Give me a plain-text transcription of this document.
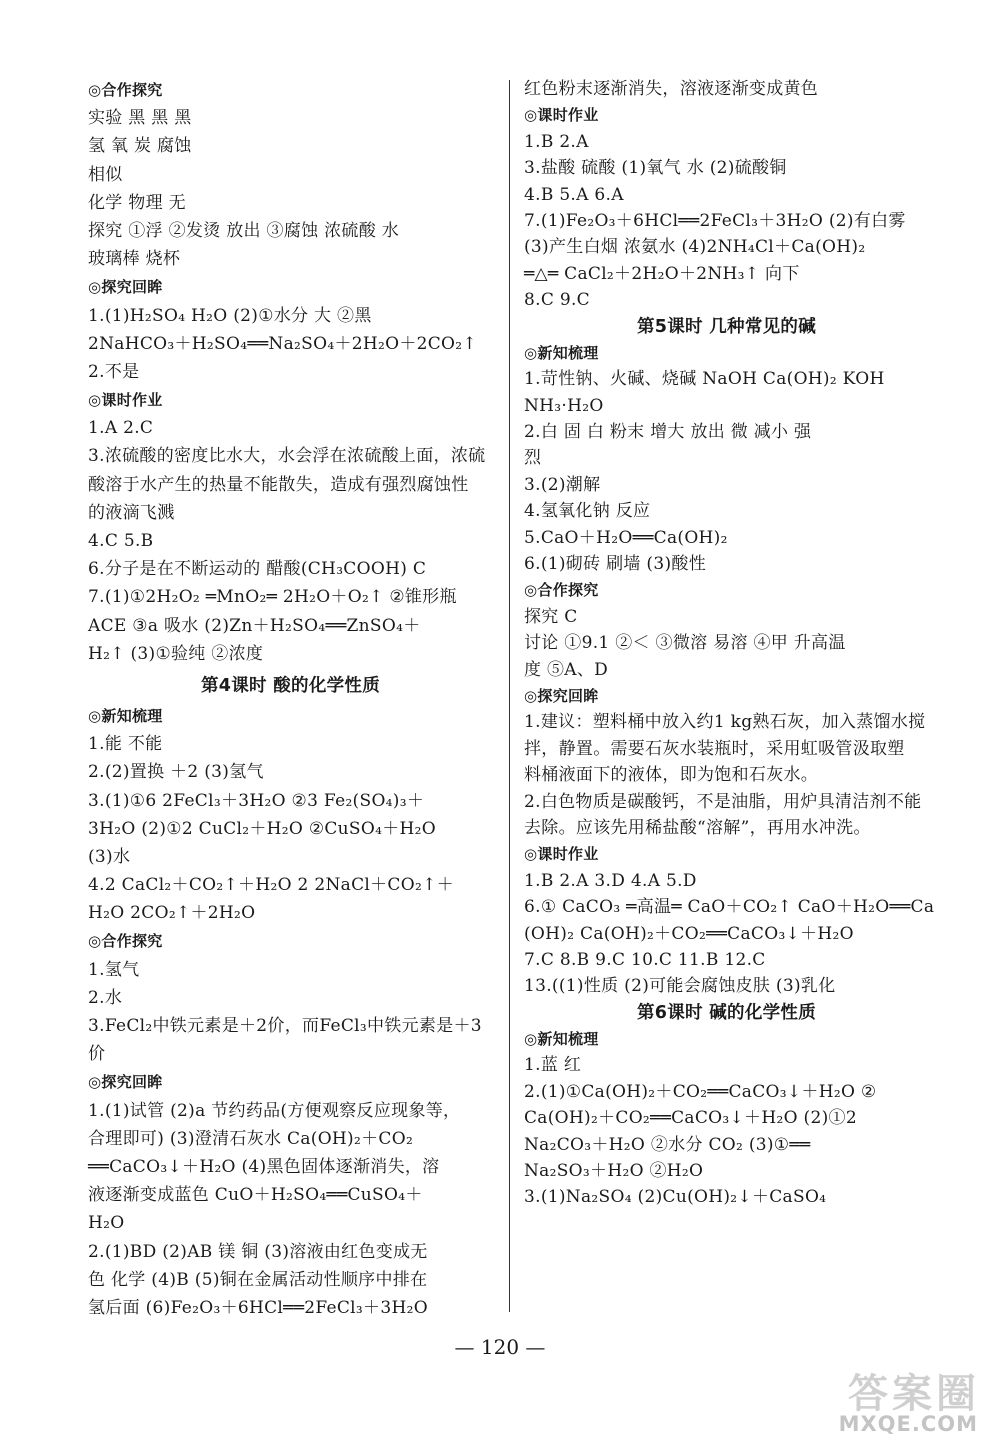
◎合作探究
实验 黑 黑 黑
氢 氧 炭 腐蚀
相似
化学 物理 无
探究 ①浮 ②发烫 放出 ③腐蚀 浓硫酸 水
玻璃棒 烧杯
◎探究回眸
1.(1)H₂SO₄ H₂O (2)①水分 大 ②黑
2NaHCO₃＋H₂SO₄══Na₂SO₄＋2H₂O＋2CO₂↑
2.不是
◎课时作业
1.A 2.C
3.浓硫酸的密度比水大，水会浮在浓硫酸上面，浓硫
酸溶于水产生的热量不能散失，造成有强烈腐蚀性
的液滴飞溅
4.C 5.B
6.分子是在不断运动的 醋酸(CH₃COOH) C
7.(1)①2H₂O₂ ═MnO₂═ 2H₂O＋O₂↑ ②锥形瓶
ACE ③a 吸水 (2)Zn＋H₂SO₄══ZnSO₄＋
H₂↑ (3)①验纯 ②浓度
第4课时 酸的化学性质
◎新知梳理
1.能 不能
2.(2)置换 ＋2 (3)氢气
3.(1)①6 2FeCl₃＋3H₂O ②3 Fe₂(SO₄)₃＋
3H₂O (2)①2 CuCl₂＋H₂O ②CuSO₄＋H₂O
(3)水
4.2 CaCl₂＋CO₂↑＋H₂O 2 2NaCl＋CO₂↑＋
H₂O 2CO₂↑＋2H₂O
◎合作探究
1.氢气
2.水
3.FeCl₂中铁元素是＋2价，而FeCl₃中铁元素是＋3
价
◎探究回眸
1.(1)试管 (2)a 节约药品(方便观察反应现象等，
合理即可) (3)澄清石灰水 Ca(OH)₂＋CO₂
══CaCO₃↓＋H₂O (4)黑色固体逐渐消失，溶
液逐渐变成蓝色 CuO＋H₂SO₄══CuSO₄＋
H₂O
2.(1)BD (2)AB 镁 铜 (3)溶液由红色变成无
色 化学 (4)B (5)铜在金属活动性顺序中排在
氢后面 (6)Fe₂O₃＋6HCl══2FeCl₃＋3H₂O
红色粉末逐渐消失，溶液逐渐变成黄色
◎课时作业
1.B 2.A
3.盐酸 硫酸 (1)氧气 水 (2)硫酸铜
4.B 5.A 6.A
7.(1)Fe₂O₃＋6HCl══2FeCl₃＋3H₂O (2)有白雾
(3)产生白烟 浓氨水 (4)2NH₄Cl＋Ca(OH)₂
═△═ CaCl₂＋2H₂O＋2NH₃↑ 向下
8.C 9.C
第5课时 几种常见的碱
◎新知梳理
1.苛性钠、火碱、烧碱 NaOH Ca(OH)₂ KOH
NH₃·H₂O
2.白 固 白 粉末 增大 放出 微 减小 强
烈
3.(2)潮解
4.氢氧化钠 反应
5.CaO＋H₂O══Ca(OH)₂
6.(1)砌砖 刷墙 (3)酸性
◎合作探究
探究 C
讨论 ①9.1 ②＜ ③微溶 易溶 ④甲 升高温
度 ⑤A、D
◎探究回眸
1.建议：塑料桶中放入约1 kg熟石灰，加入蒸馏水搅
拌，静置。需要石灰水装瓶时，采用虹吸管汲取塑
料桶液面下的液体，即为饱和石灰水。
2.白色物质是碳酸钙，不是油脂，用炉具清洁剂不能
去除。应该先用稀盐酸“溶解”，再用水冲洗。
◎课时作业
1.B 2.A 3.D 4.A 5.D
6.① CaCO₃ ═高温═ CaO＋CO₂↑ CaO＋H₂O══Ca
(OH)₂ Ca(OH)₂＋CO₂══CaCO₃↓＋H₂O
7.C 8.B 9.C 10.C 11.B 12.C
13.((1)性质 (2)可能会腐蚀皮肤 (3)乳化
第6课时 碱的化学性质
◎新知梳理
1.蓝 红
2.(1)①Ca(OH)₂＋CO₂══CaCO₃↓＋H₂O ②
Ca(OH)₂＋CO₂══CaCO₃↓＋H₂O (2)①2
Na₂CO₃＋H₂O ②水分 CO₂ (3)①══
Na₂SO₃＋H₂O ②H₂O
3.(1)Na₂SO₄ (2)Cu(OH)₂↓＋CaSO₄
— 120 —
答案圈
MXQE.COM
